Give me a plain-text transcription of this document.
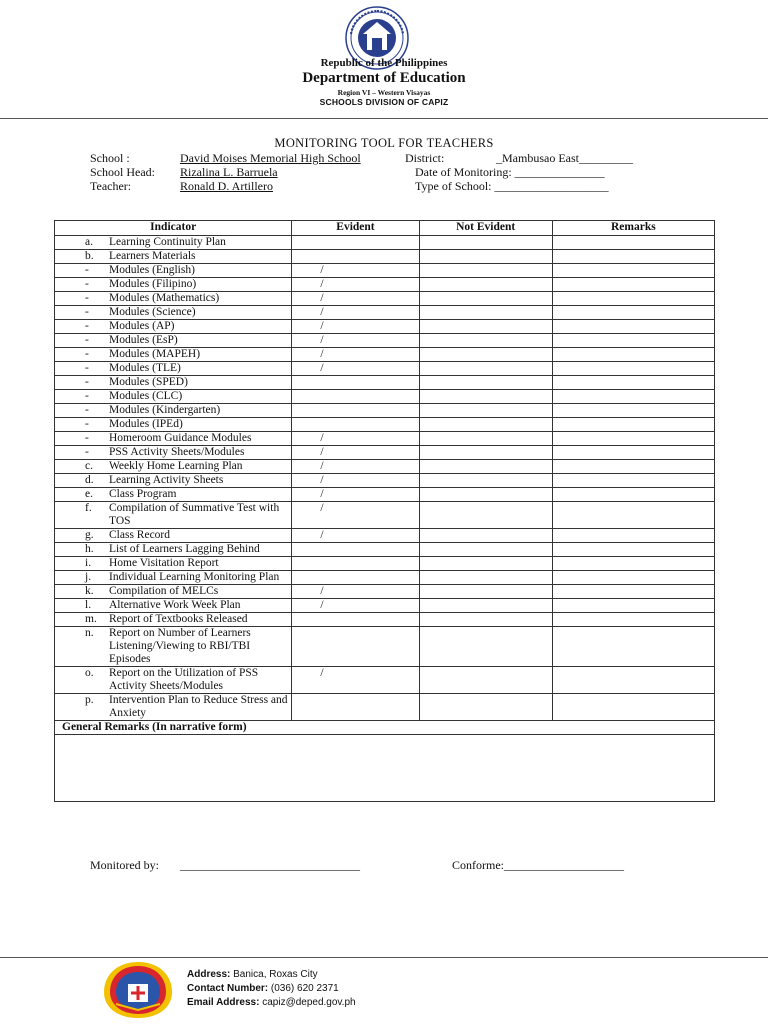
Republic of the Philippines
Department of Education
Region VI – Western Visayas
SCHOOLS DIVISION OF CAPIZ
MONITORING TOOL FOR TEACHERS
School :	David Moises Memorial High School	District:	_Mambusao East_________
School Head: Rizalina L. Barruela	Date of Monitoring: _______________
Teacher:	Ronald D. Artillero	Type of School: ___________________
Indicator	Evident	Not Evident	Remarks

a. Learning Continuity Plan			

b. Learners Materials			

- Modules (English)	/		

- Modules (Filipino)	/		

- Modules (Mathematics)	/		

- Modules (Science)	/		

- Modules (AP)	/		

- Modules (EsP)	/		

- Modules (MAPEH)	/		

- Modules (TLE)	/		

- Modules (SPED)			

- Modules (CLC)			

- Modules (Kindergarten)			

- Modules (IPEd)			

- Homeroom Guidance Modules	/		

- PSS Activity Sheets/Modules	/		

c. Weekly Home Learning Plan	/		

d. Learning Activity Sheets	/		

e. Class Program	/		

f. Compilation of Summative Test with TOS	/		

g. Class Record	/		

h. List of Learners Lagging Behind			

i. Home Visitation Report			

j. Individual Learning Monitoring Plan			

k. Compilation of MELCs	/		

l. Alternative Work Week Plan	/		

m. Report of Textbooks Released			

n. Report on Number of Learners Listening/Viewing to RBI/TBI Episodes			

o. Report on the Utilization of PSS Activity Sheets/Modules	/		

p. Intervention Plan to Reduce Stress and Anxiety			

General Remarks (In narrative form)			

Monitored by: ______________________________	Conforme:____________________
Address: Banica, Roxas City
Contact Number: (036) 620 2371
Email Address: capiz@deped.gov.ph
